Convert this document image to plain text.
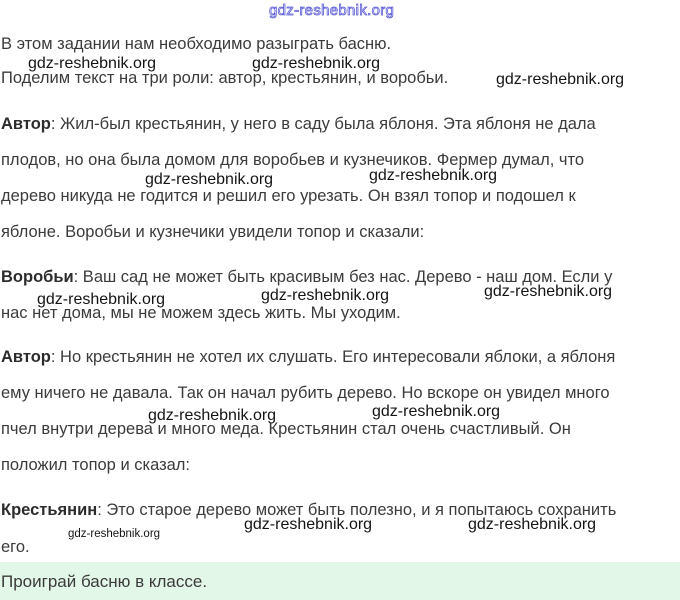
gdz-reshebnik.org
В этом задании нам необходимо разыграть басню.
Поделим текст на три роли: автор, крестьянин, и воробьи.
Автор: Жил-был крестьянин, у него в саду была яблоня. Эта яблоня не дала
плодов, но она была домом для воробьев и кузнечиков. Фермер думал, что
дерево никуда не годится и решил его урезать. Он взял топор и подошел к
яблоне. Воробьи и кузнечики увидели топор и сказали:
Воробьи: Ваш сад не может быть красивым без нас. Дерево - наш дом. Если у
нас нет дома, мы не можем здесь жить. Мы уходим.
Автор: Но крестьянин не хотел их слушать. Его интересовали яблоки, а яблоня
ему ничего не давала. Так он начал рубить дерево. Но вскоре он увидел много
пчел внутри дерева и много меда. Крестьянин стал очень счастливый. Он
положил топор и сказал:
Крестьянин: Это старое дерево может быть полезно, и я попытаюсь сохранить
его.
gdz-reshebnik.org	gdz-reshebnik.org
gdz-reshebnik.org
gdz-reshebnik.org	gdz-reshebnik.org
gdz-reshebnik.org	gdz-reshebnik.org	gdz-reshebnik.org
gdz-reshebnik.org	gdz-reshebnik.org
gdz-reshebnik.org	gdz-reshebnik.org
gdz-reshebnik.org
Проиграй басню в классе.
